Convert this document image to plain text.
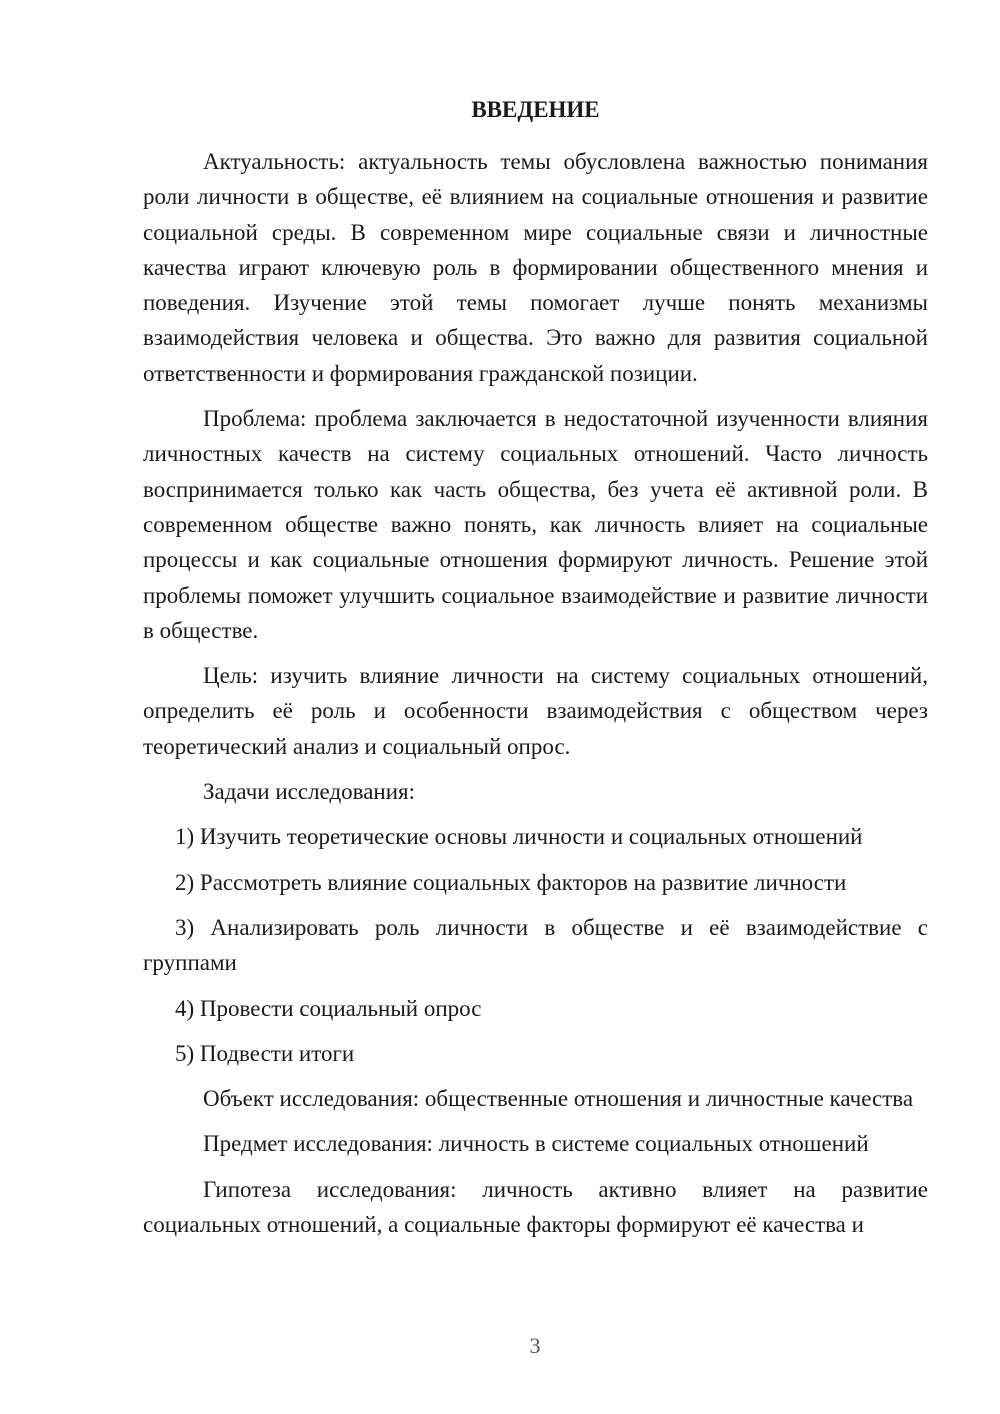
ВВЕДЕНИЕ

Актуальность: актуальность темы обусловлена важностью понимания роли личности в обществе, её влиянием на социальные отношения и развитие социальной среды. В современном мире социальные связи и личностные качества играют ключевую роль в формировании общественного мнения и поведения. Изучение этой темы помогает лучше понять механизмы взаимодействия человека и общества. Это важно для развития социальной ответственности и формирования гражданской позиции.

Проблема: проблема заключается в недостаточной изученности влияния личностных качеств на систему социальных отношений. Часто личность воспринимается только как часть общества, без учета её активной роли. В современном обществе важно понять, как личность влияет на социальные процессы и как социальные отношения формируют личность. Решение этой проблемы поможет улучшить социальное взаимодействие и развитие личности в обществе.

Цель: изучить влияние личности на систему социальных отношений, определить её роль и особенности взаимодействия с обществом через теоретический анализ и социальный опрос.

Задачи исследования:

1) Изучить теоретические основы личности и социальных отношений

2) Рассмотреть влияние социальных факторов на развитие личности

3) Анализировать роль личности в обществе и её взаимодействие с группами

4) Провести социальный опрос

5) Подвести итоги

Объект исследования: общественные отношения и личностные качества

Предмет исследования: личность в системе социальных отношений

Гипотеза исследования: личность активно влияет на развитие социальных отношений, а социальные факторы формируют её качества и

3
